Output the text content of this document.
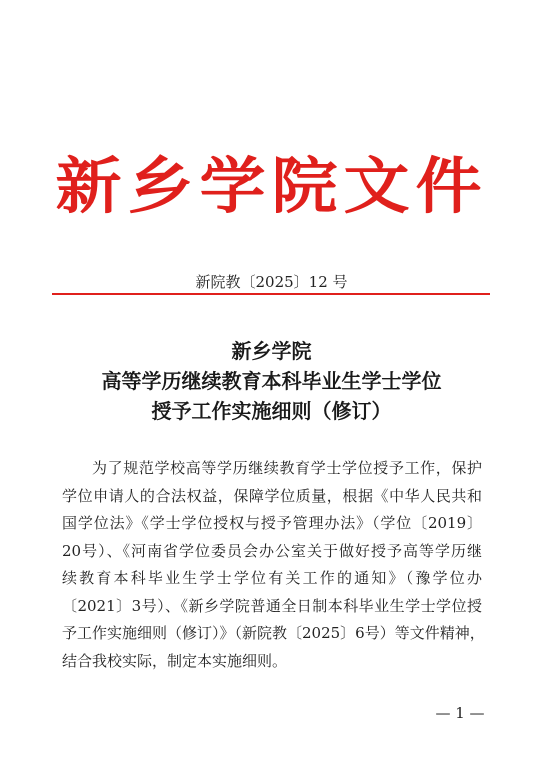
新乡学院文件
新院教〔2025〕12 号
新乡学院
高等学历继续教育本科毕业生学士学位
授予工作实施细则（修订）
为了规范学校高等学历继续教育学士学位授予工作，保护
学位申请人的合法权益，保障学位质量，根据《中华人民共和
国学位法》《学士学位授权与授予管理办法》（学位〔2019〕
20号）、《河南省学位委员会办公室关于做好授予高等学历继
续教育本科毕业生学士学位有关工作的通知》（豫学位办
〔2021〕3号）、《新乡学院普通全日制本科毕业生学士学位授
予工作实施细则（修订）》（新院教〔2025〕6号）等文件精神，
结合我校实际，制定本实施细则。
— 1 —
